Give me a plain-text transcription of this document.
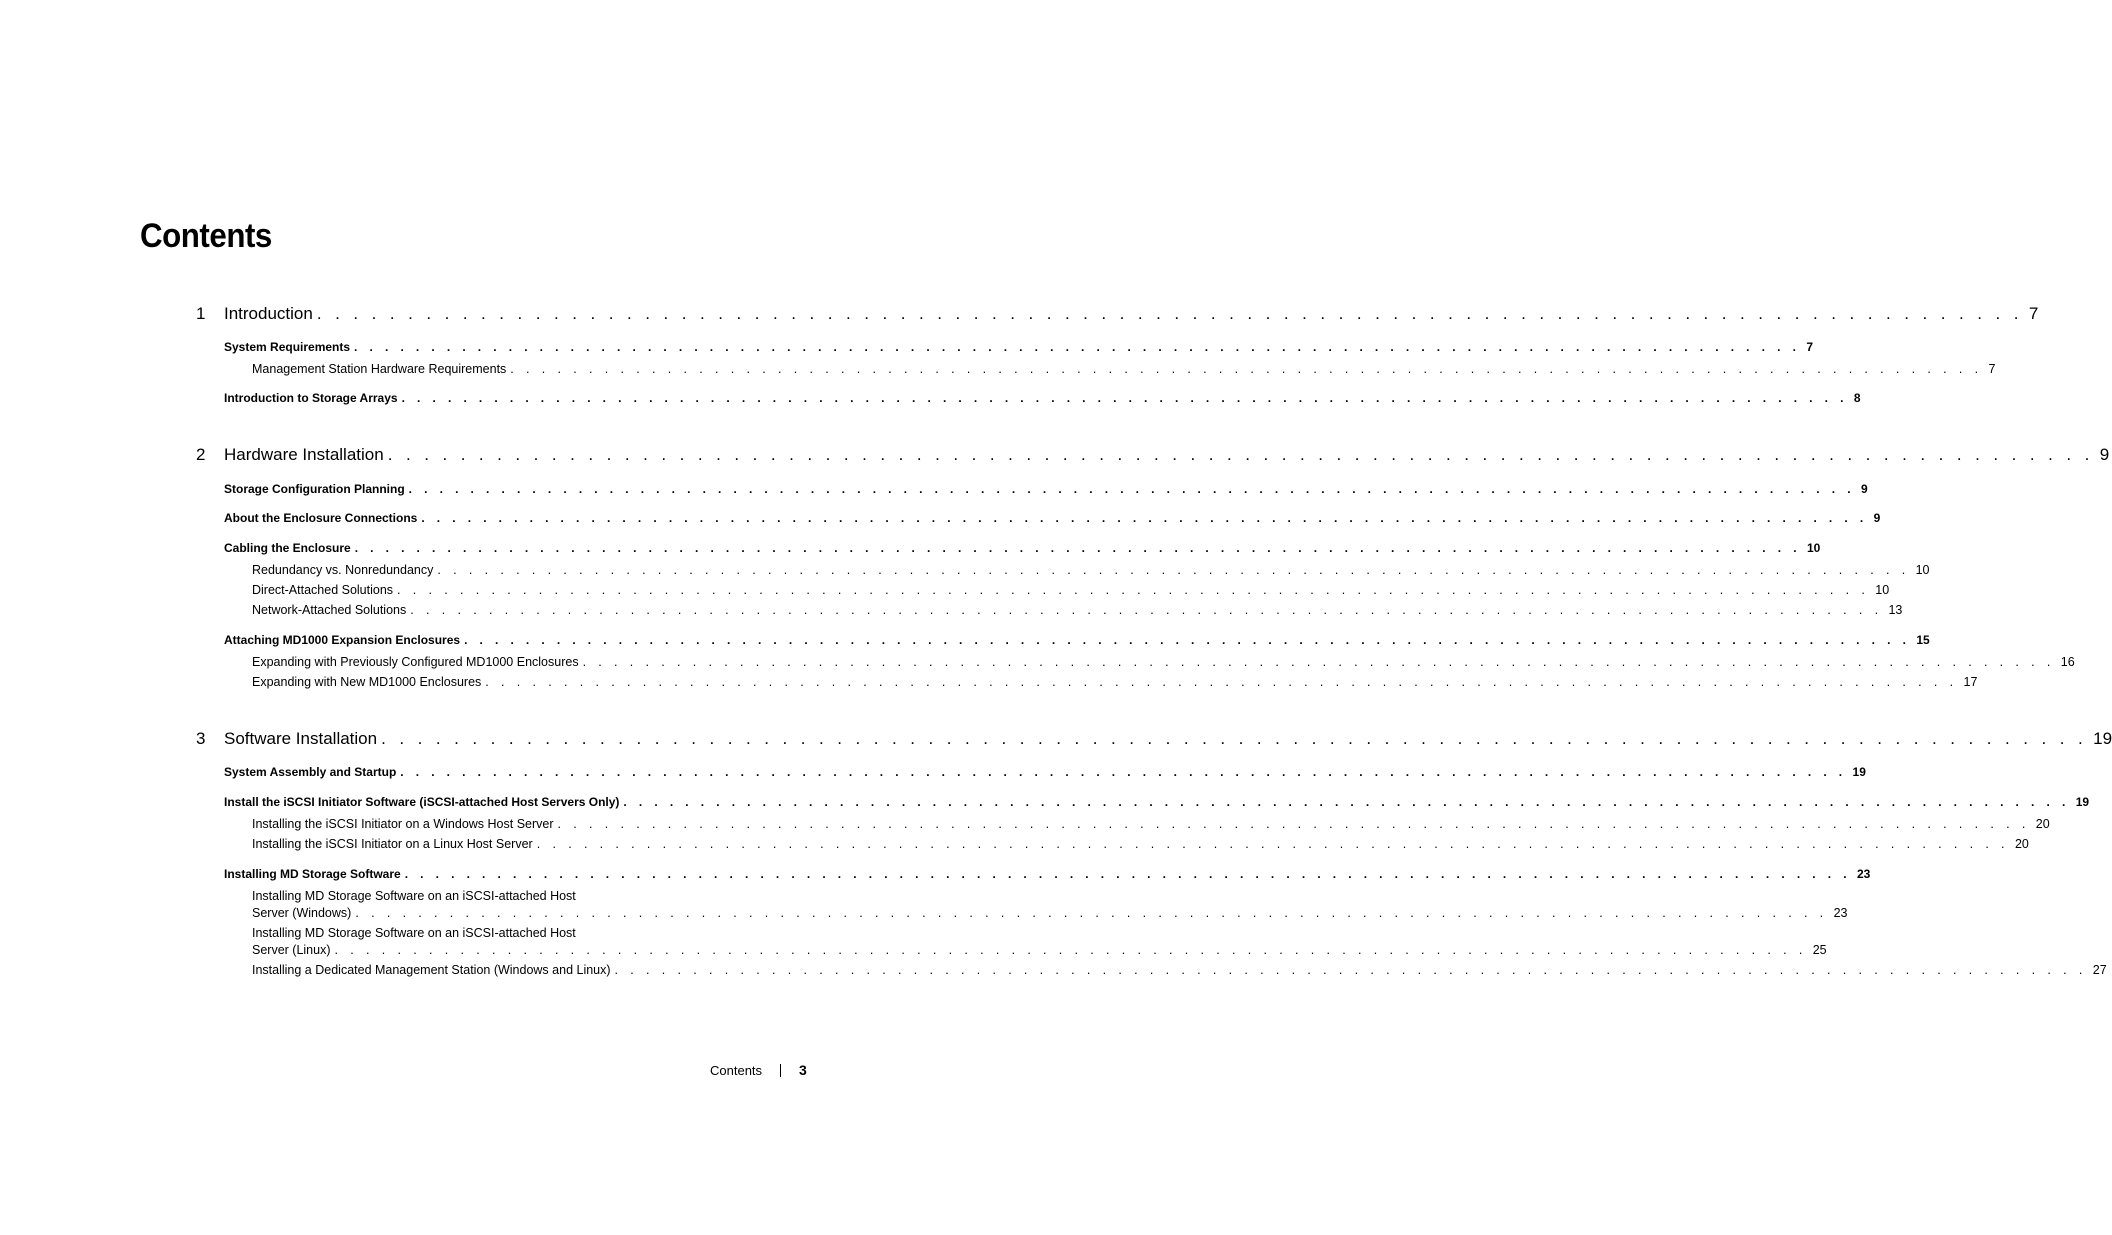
Contents
1 Introduction . . . . . . . . . . . . . . . . . . . . . . . . . . . . . . . . . . . . . . . . . . . . . . . . . . . . . . . . . . . . . . . . . . . . . . . . . . . . . . . . . . . . . . . . . . . . . . 7
System Requirements . . . . . . . . . . . . . . . . . . . . . . . . . . . . . . . . . . . . . . . . . . . . . . . . . . . . . . . . . . . . . . . . . . . . . . . . . . . . . . . . . . . . . . . . . . . . . . 7
Management Station Hardware Requirements . . . . . . . . . . . . . . . . . . . . . . . . . . . . . . . . . . . . . . . . . . . . . . . . . . . . . . . . . . . . . . . . . . . . . . . . . . . . . . . . . . . . . . . . . . . . . . 7
Introduction to Storage Arrays . . . . . . . . . . . . . . . . . . . . . . . . . . . . . . . . . . . . . . . . . . . . . . . . . . . . . . . . . . . . . . . . . . . . . . . . . . . . . . . . . . . . . . . . . . . . . . 8
2 Hardware Installation . . . . . . . . . . . . . . . . . . . . . . . . . . . . . . . . . . . . . . . . . . . . . . . . . . . . . . . . . . . . . . . . . . . . . . . . . . . . . . . . . . . . . . . . . . . . . . 9
Storage Configuration Planning . . . . . . . . . . . . . . . . . . . . . . . . . . . . . . . . . . . . . . . . . . . . . . . . . . . . . . . . . . . . . . . . . . . . . . . . . . . . . . . . . . . . . . . . . . . . . . 9
About the Enclosure Connections . . . . . . . . . . . . . . . . . . . . . . . . . . . . . . . . . . . . . . . . . . . . . . . . . . . . . . . . . . . . . . . . . . . . . . . . . . . . . . . . . . . . . . . . . . . . . . 9
Cabling the Enclosure . . . . . . . . . . . . . . . . . . . . . . . . . . . . . . . . . . . . . . . . . . . . . . . . . . . . . . . . . . . . . . . . . . . . . . . . . . . . . . . . . . . . . . . . . . . . . . 10
Redundancy vs. Nonredundancy . . . . . . . . . . . . . . . . . . . . . . . . . . . . . . . . . . . . . . . . . . . . . . . . . . . . . . . . . . . . . . . . . . . . . . . . . . . . . . . . . . . . . . . . . . . . . . 10
Direct-Attached Solutions . . . . . . . . . . . . . . . . . . . . . . . . . . . . . . . . . . . . . . . . . . . . . . . . . . . . . . . . . . . . . . . . . . . . . . . . . . . . . . . . . . . . . . . . . . . . . . 10
Network-Attached Solutions . . . . . . . . . . . . . . . . . . . . . . . . . . . . . . . . . . . . . . . . . . . . . . . . . . . . . . . . . . . . . . . . . . . . . . . . . . . . . . . . . . . . . . . . . . . . . . 13
Attaching MD1000 Expansion Enclosures . . . . . . . . . . . . . . . . . . . . . . . . . . . . . . . . . . . . . . . . . . . . . . . . . . . . . . . . . . . . . . . . . . . . . . . . . . . . . . . . . . . . . . . . . . . . . . 15
Expanding with Previously Configured MD1000 Enclosures . . . . . . . . . . . . . . . . . . . . . . . . . . . . . . . . . . . . . . . . . . . . . . . . . . . . . . . . . . . . . . . . . . . . . . . . . . . . . . . . . . . . . . . . . . . . . . 16
Expanding with New MD1000 Enclosures . . . . . . . . . . . . . . . . . . . . . . . . . . . . . . . . . . . . . . . . . . . . . . . . . . . . . . . . . . . . . . . . . . . . . . . . . . . . . . . . . . . . . . . . . . . . . . 17
3 Software Installation . . . . . . . . . . . . . . . . . . . . . . . . . . . . . . . . . . . . . . . . . . . . . . . . . . . . . . . . . . . . . . . . . . . . . . . . . . . . . . . . . . . . . . . . . . . . . . 19
System Assembly and Startup . . . . . . . . . . . . . . . . . . . . . . . . . . . . . . . . . . . . . . . . . . . . . . . . . . . . . . . . . . . . . . . . . . . . . . . . . . . . . . . . . . . . . . . . . . . . . . 19
Install the iSCSI Initiator Software (iSCSI-attached Host Servers Only) . . . . . . . . . . . . . . . . . . . . . . . . . . . . . . . . . . . . . . . . . . . . . . . . . . . . . . . . . . . . . . . . . . . . . . . . . . . . . . . . . . . . . . . . . . . . . . 19
Installing the iSCSI Initiator on a Windows Host Server . . . . . . . . . . . . . . . . . . . . . . . . . . . . . . . . . . . . . . . . . . . . . . . . . . . . . . . . . . . . . . . . . . . . . . . . . . . . . . . . . . . . . . . . . . . . . . 20
Installing the iSCSI Initiator on a Linux Host Server . . . . . . . . . . . . . . . . . . . . . . . . . . . . . . . . . . . . . . . . . . . . . . . . . . . . . . . . . . . . . . . . . . . . . . . . . . . . . . . . . . . . . . . . . . . . . . 20
Installing MD Storage Software . . . . . . . . . . . . . . . . . . . . . . . . . . . . . . . . . . . . . . . . . . . . . . . . . . . . . . . . . . . . . . . . . . . . . . . . . . . . . . . . . . . . . . . . . . . . . . 23
Installing MD Storage Software on an iSCSI-attached Host
Server (Windows) . . . . . . . . . . . . . . . . . . . . . . . . . . . . . . . . . . . . . . . . . . . . . . . . . . . . . . . . . . . . . . . . . . . . . . . . . . . . . . . . . . . . . . . . . . . . . . 23
Installing MD Storage Software on an iSCSI-attached Host
Server (Linux) . . . . . . . . . . . . . . . . . . . . . . . . . . . . . . . . . . . . . . . . . . . . . . . . . . . . . . . . . . . . . . . . . . . . . . . . . . . . . . . . . . . . . . . . . . . . . . 25
Installing a Dedicated Management Station (Windows and Linux) . . . . . . . . . . . . . . . . . . . . . . . . . . . . . . . . . . . . . . . . . . . . . . . . . . . . . . . . . . . . . . . . . . . . . . . . . . . . . . . . . . . . . . . . . . . . . . 27
Contents	3
